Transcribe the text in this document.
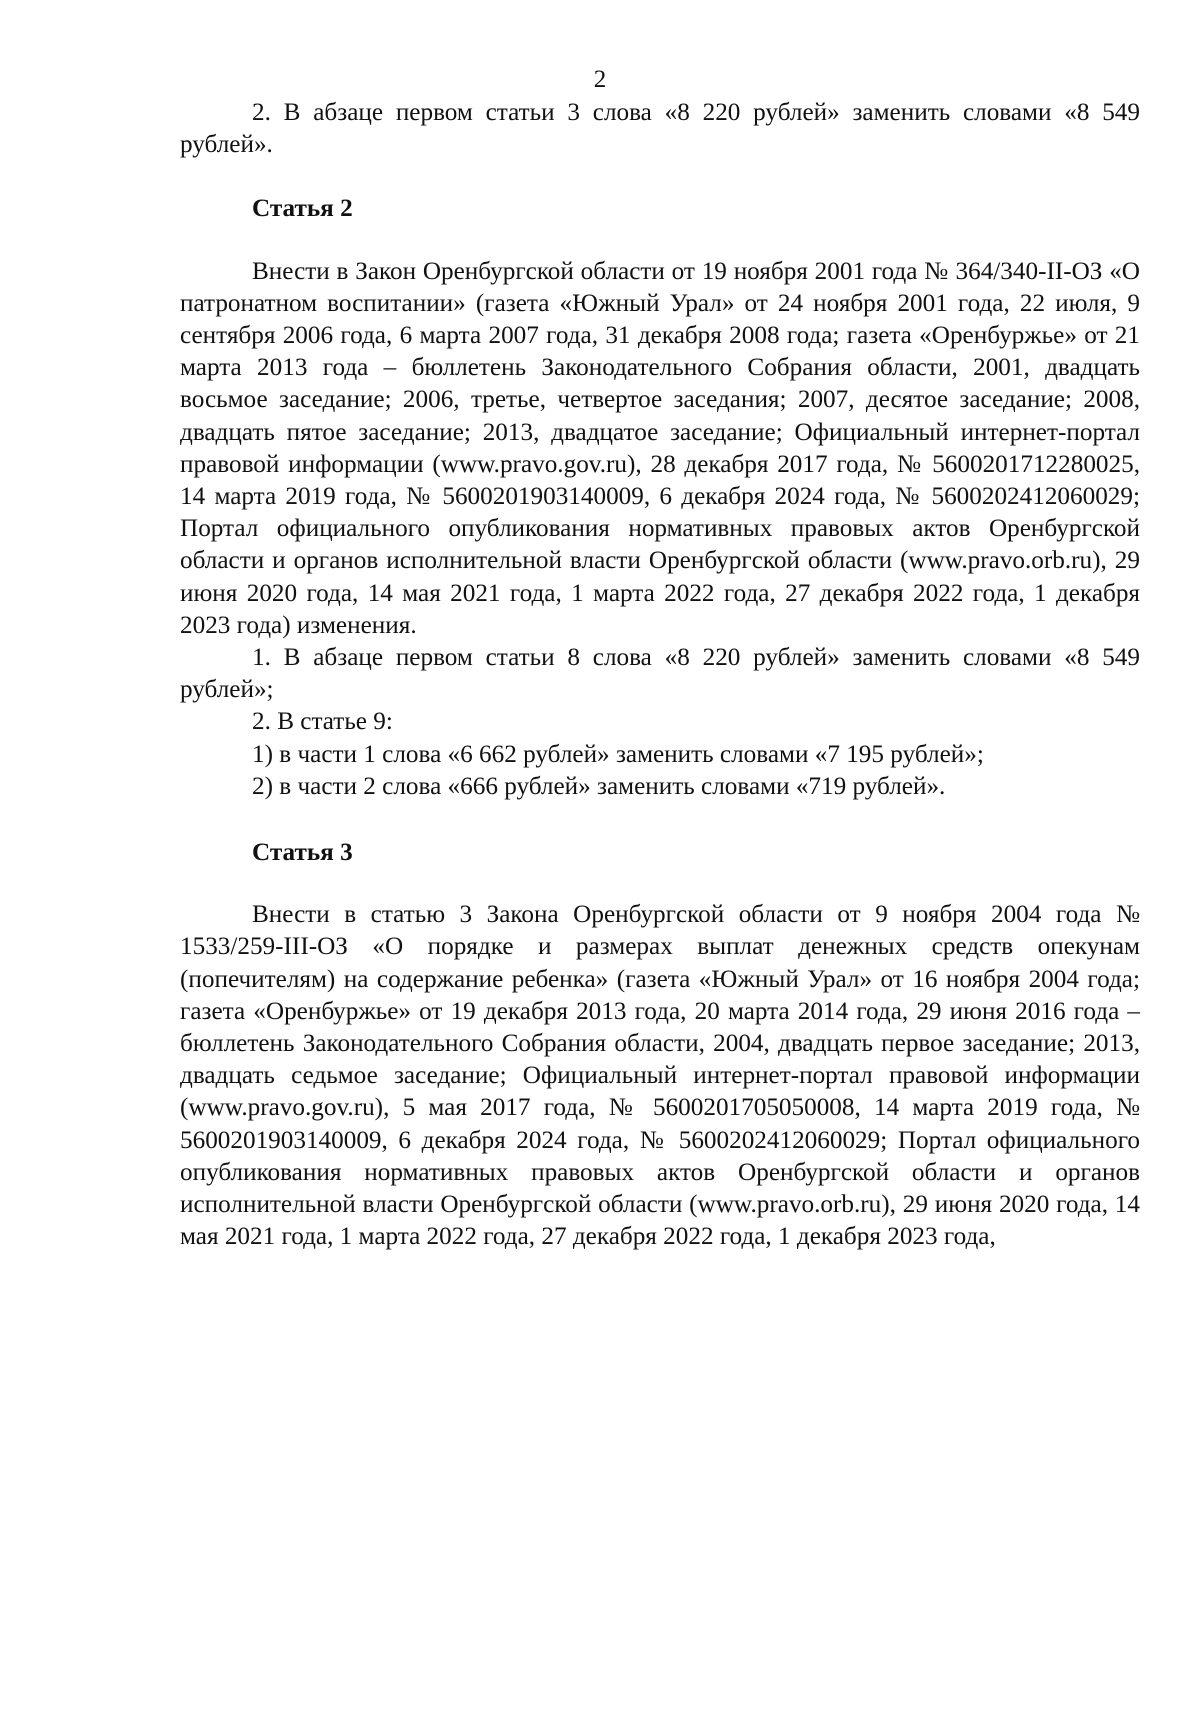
2

2. В абзаце первом статьи 3 слова «8 220 рублей» заменить словами «8 549 рублей».

Статья 2

Внести в Закон Оренбургской области от 19 ноября 2001 года № 364/340-II-ОЗ «О патронатном воспитании» (газета «Южный Урал» от 24 ноября 2001 года, 22 июля, 9 сентября 2006 года, 6 марта 2007 года, 31 декабря 2008 года; газета «Оренбуржье» от 21 марта 2013 года – бюллетень Законодательного Собрания области, 2001, двадцать восьмое заседание; 2006, третье, четвертое заседания; 2007, десятое заседание; 2008, двадцать пятое заседание; 2013, двадцатое заседание; Официальный интернет-портал правовой информации (www.pravo.gov.ru), 28 декабря 2017 года, № 5600201712280025, 14 марта 2019 года, № 5600201903140009, 6 декабря 2024 года, № 5600202412060029; Портал официального опубликования нормативных правовых актов Оренбургской области и органов исполнительной власти Оренбургской области (www.pravo.orb.ru), 29 июня 2020 года, 14 мая 2021 года, 1 марта 2022 года, 27 декабря 2022 года, 1 декабря 2023 года) изменения.

1. В абзаце первом статьи 8 слова «8 220 рублей» заменить словами «8 549 рублей»;

2. В статье 9:

1) в части 1 слова «6 662 рублей» заменить словами «7 195 рублей»;

2) в части 2 слова «666 рублей» заменить словами «719 рублей».

Статья 3

Внести в статью 3 Закона Оренбургской области от 9 ноября 2004 года № 1533/259-III-ОЗ «О порядке и размерах выплат денежных средств опекунам (попечителям) на содержание ребенка» (газета «Южный Урал» от 16 ноября 2004 года; газета «Оренбуржье» от 19 декабря 2013 года, 20 марта 2014 года, 29 июня 2016 года – бюллетень Законодательного Собрания области, 2004, двадцать первое заседание; 2013, двадцать седьмое заседание; Официальный интернет-портал правовой информации (www.pravo.gov.ru), 5 мая 2017 года, № 5600201705050008, 14 марта 2019 года, № 5600201903140009, 6 декабря 2024 года, № 5600202412060029; Портал официального опубликования нормативных правовых актов Оренбургской области и органов исполнительной власти Оренбургской области (www.pravo.orb.ru), 29 июня 2020 года, 14 мая 2021 года, 1 марта 2022 года, 27 декабря 2022 года, 1 декабря 2023 года,
